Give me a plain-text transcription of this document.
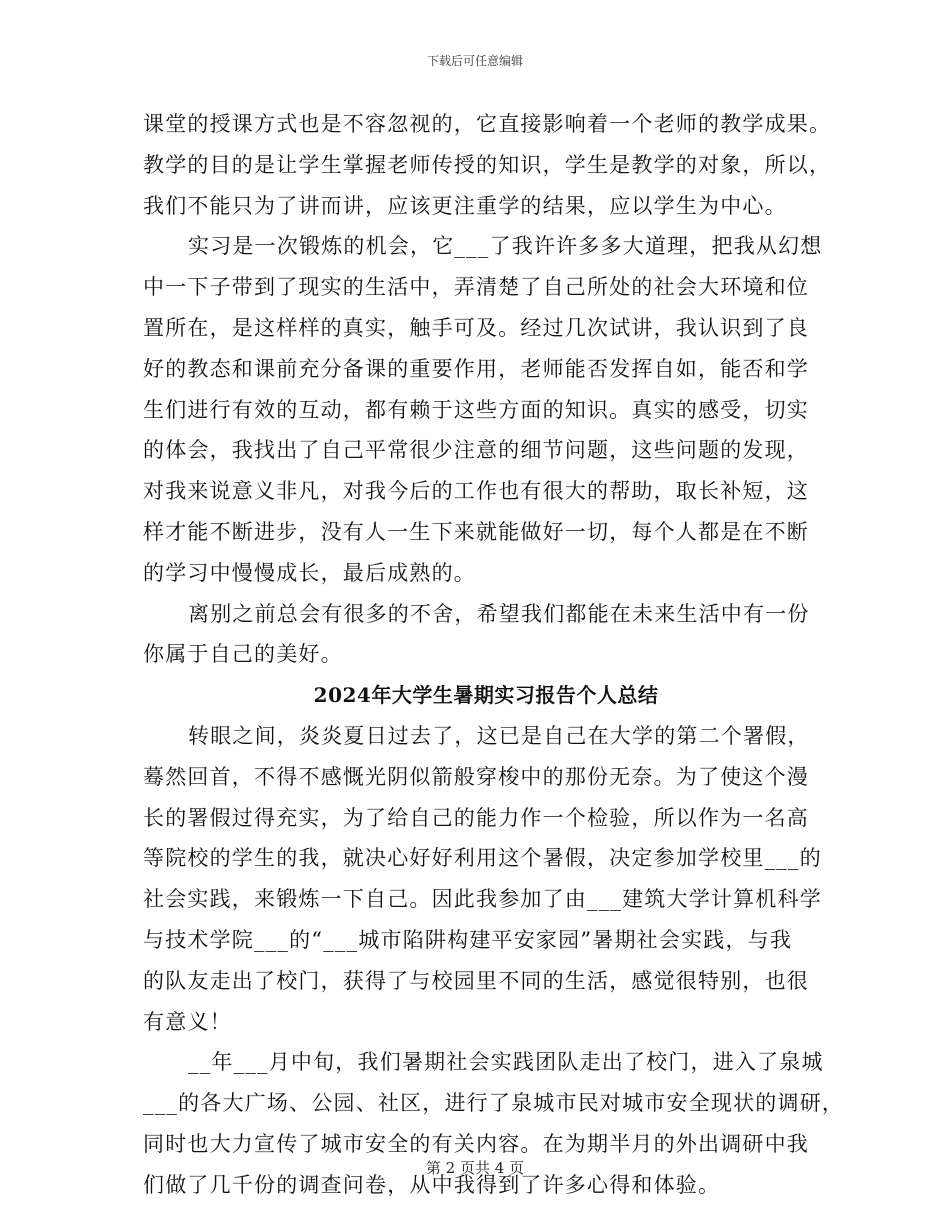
下载后可任意编辑
课堂的授课方式也是不容忽视的，它直接影响着一个老师的教学成果。
教学的目的是让学生掌握老师传授的知识，学生是教学的对象，所以，
我们不能只为了讲而讲，应该更注重学的结果，应以学生为中心。
实习是一次锻炼的机会，它___了我许许多多大道理，把我从幻想
中一下子带到了现实的生活中，弄清楚了自己所处的社会大环境和位
置所在，是这样样的真实，触手可及。经过几次试讲，我认识到了良
好的教态和课前充分备课的重要作用，老师能否发挥自如，能否和学
生们进行有效的互动，都有赖于这些方面的知识。真实的感受，切实
的体会，我找出了自己平常很少注意的细节问题，这些问题的发现，
对我来说意义非凡，对我今后的工作也有很大的帮助，取长补短，这
样才能不断进步，没有人一生下来就能做好一切，每个人都是在不断
的学习中慢慢成长，最后成熟的。
离别之前总会有很多的不舍，希望我们都能在未来生活中有一份
你属于自己的美好。
2024年大学生暑期实习报告个人总结
转眼之间，炎炎夏日过去了，这已是自己在大学的第二个署假，
蓦然回首，不得不感慨光阴似箭般穿梭中的那份无奈。为了使这个漫
长的署假过得充实，为了给自己的能力作一个检验，所以作为一名高
等院校的学生的我，就决心好好利用这个暑假，决定参加学校里___的
社会实践，来锻炼一下自己。因此我参加了由___建筑大学计算机科学
与技术学院___的“___城市陷阱构建平安家园”暑期社会实践，与我
的队友走出了校门，获得了与校园里不同的生活，感觉很特别，也很
有意义！
__年___月中旬，我们暑期社会实践团队走出了校门，进入了泉城
___的各大广场、公园、社区，进行了泉城市民对城市安全现状的调研，
同时也大力宣传了城市安全的有关内容。在为期半月的外出调研中我
们做了几千份的调查问卷，从中我得到了许多心得和体验。
第 2 页共 4 页
